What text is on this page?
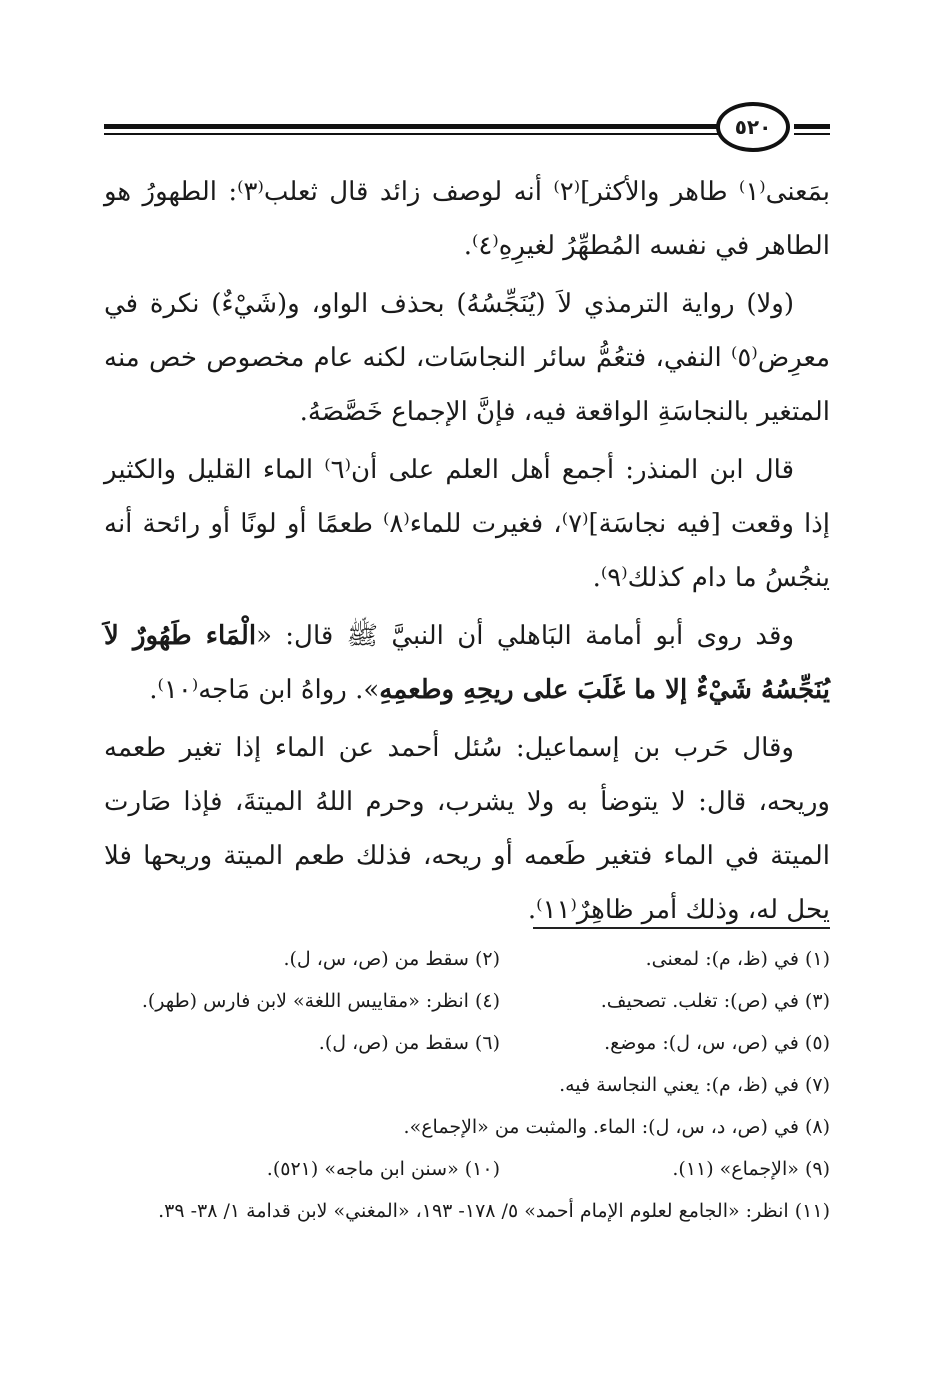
٥٢٠

بمَعنى⁽١⁾ طاهر والأكثر]⁽٢⁾ أنه لوصف زائد قال ثعلب⁽٣⁾: الطهورُ هو الطاهر في نفسه المُطهِّرُ لغيرِهِ⁽٤⁾.

(ولا) رواية الترمذي لاَ (يُنَجِّسُهُ) بحذف الواو، و(شَيْءٌ) نكرة في معرِض⁽٥⁾ النفي، فتعُمُّ سائر النجاسَات، لكنه عام مخصوص خص منه المتغير بالنجاسَةِ الواقعة فيه، فإنَّ الإجماع خَصَّصَهُ.

قال ابن المنذر: أجمع أهل العلم على أن⁽٦⁾ الماء القليل والكثير إذا وقعت [فيه نجاسَة]⁽٧⁾، فغيرت للماء⁽٨⁾ طعمًا أو لونًا أو رائحة أنه ينجُسُ ما دام كذلك⁽٩⁾.

وقد روى أبو أمامة البَاهلي أن النبيَّ ﷺ قال: «الْمَاء طَهُورٌ لاَ يُنَجِّسُهُ شَيْءٌ إلا ما غَلَبَ على ريحِهِ وطعمِهِ». رواهُ ابن مَاجه⁽١٠⁾.

وقال حَرب بن إسماعيل: سُئل أحمد عن الماء إذا تغير طعمه وريحه، قال: لا يتوضأ به ولا يشرب، وحرم اللهُ الميتةَ، فإذا صَارت الميتة في الماء فتغير طَعمه أو ريحه، فذلك طعم الميتة وريحها فلا يحل له، وذلك أمر ظاهِرٌ⁽١١⁾.

(١) في (ظ، م): لمعنى.
(٢) سقط من (ص، س، ل).
(٣) في (ص): تغلب. تصحيف.
(٤) انظر: «مقاييس اللغة» لابن فارس (طهر).
(٥) في (ص، س، ل): موضع.
(٦) سقط من (ص، ل).
(٧) في (ظ، م): يعني النجاسة فيه.
(٨) في (ص، د، س، ل): الماء. والمثبت من «الإجماع».
(٩) «الإجماع» (١١).
(١٠) «سنن ابن ماجه» (٥٢١).
(١١) انظر: «الجامع لعلوم الإمام أحمد» ٥/ ١٧٨- ١٩٣، «المغني» لابن قدامة ١/ ٣٨- ٣٩.
